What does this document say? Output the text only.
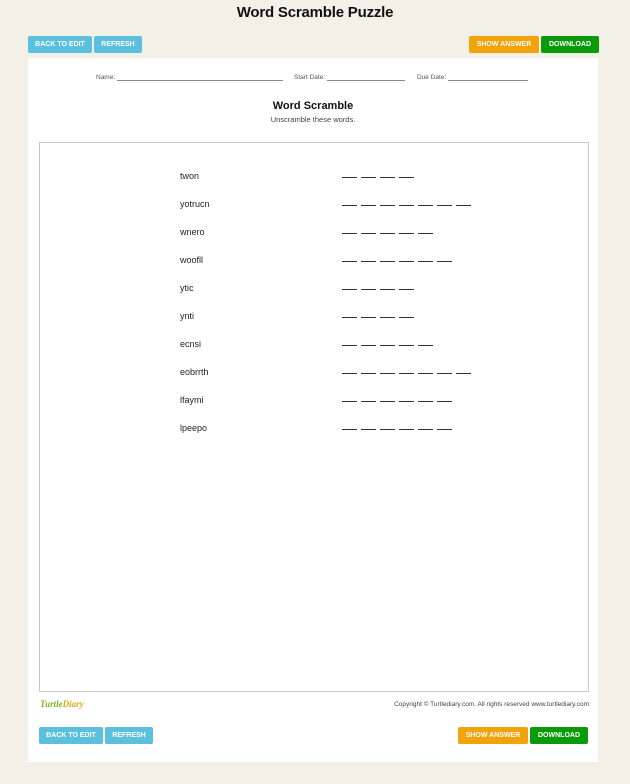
Word Scramble Puzzle
BACK TO EDIT	REFRESH	SHOW ANSWER	DOWNLOAD
Name:	Start Date:	Due Date:
Word Scramble
Unscramble these words.
twon
yotrucn
wnero
woofll
ytic
ynti
ecnsi
eobrrth
lfaymi
lpeepo
TurtleDiary	Copyright © Turtlediary.com. All rights reserved www.turtlediary.com
BACK TO EDIT	REFRESH	SHOW ANSWER	DOWNLOAD
